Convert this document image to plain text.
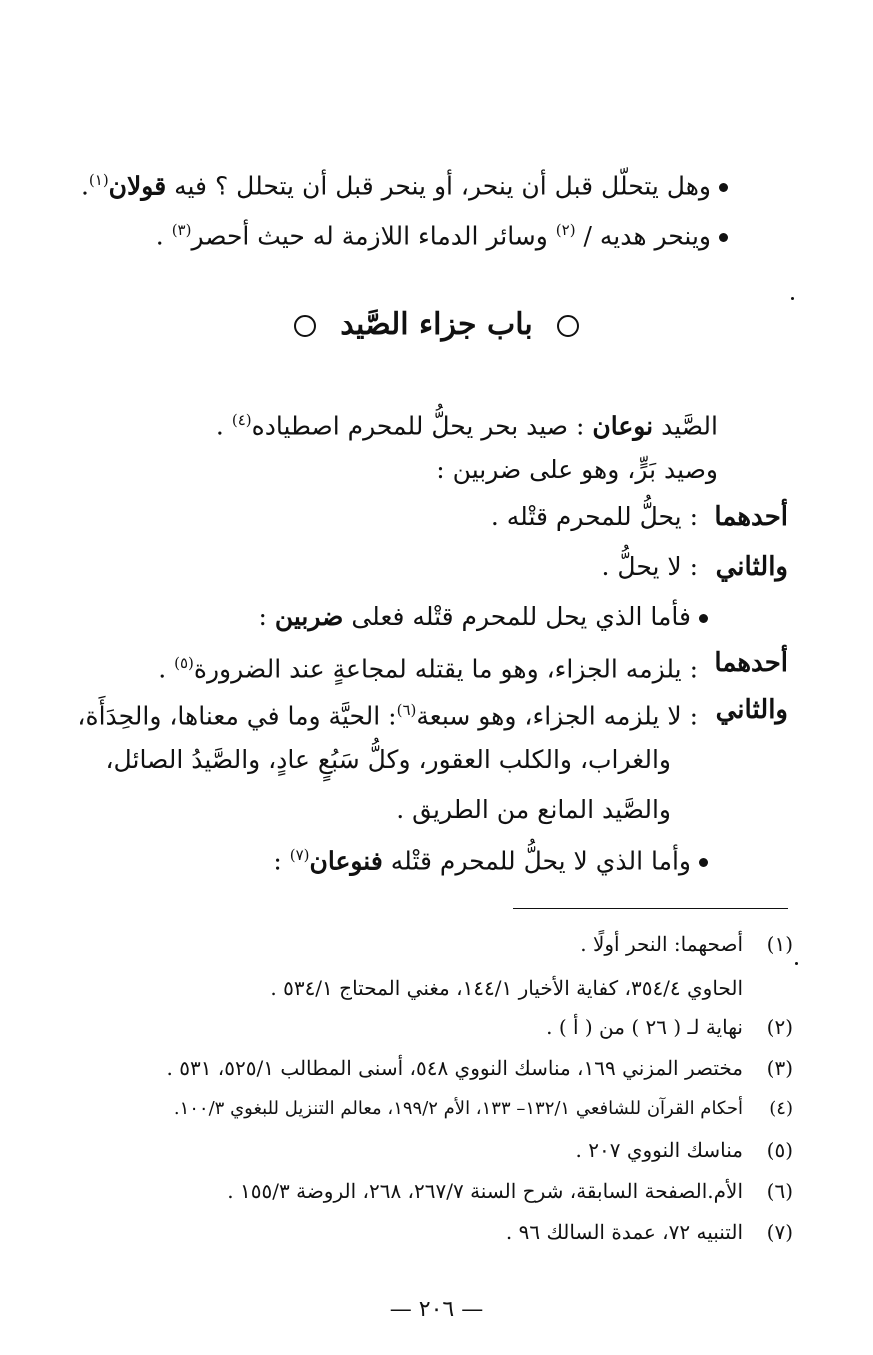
وهل يتحلّل قبل أن ينحر، أو ينحر قبل أن يتحلل ؟ فيه قولان$^{(١)}$.
وينحر هديه / $^{(٢)}$ وسائر الدماء اللازمة له حيث أحصر$^{(٣)}$ .
باب جزاء الصَّيد
الصَّيد نوعان : صيد بحر يحلُّ للمحرم اصطياده$^{(٤)}$ .
وصيد بَرٍّ، وهو على ضربين :
أحدهما
: يحلُّ للمحرم قتْله .
والثاني
: لا يحلُّ .
فأما الذي يحل للمحرم قتْله فعلى ضربين :
أحدهما
: يلزمه الجزاء، وهو ما يقتله لمجاعةٍ عند الضرورة$^{(٥)}$ .
والثاني
: لا يلزمه الجزاء، وهو سبعة$^{(٦)}$: الحيَّة وما في معناها، والحِدَأَة،
والغراب، والكلب العقور، وكلُّ سَبُعٍ عادٍ، والصَّيدُ الصائل،
والصَّيد المانع من الطريق .
وأما الذي لا يحلُّ للمحرم قتْله فنوعان$^{(٧)}$ :
(١)أصحهما: النحر أولًا .
الحاوي ٣٥٤/٤، كفاية الأخيار ١٤٤/١، مغني المحتاج ٥٣٤/١ .
(٢)نهاية لـ ( ٢٦ ) من ( أ ) .
(٣)مختصر المزني ١٦٩، مناسك النووي ٥٤٨، أسنى المطالب ٥٢٥/١، ٥٣١ .
(٤)أحكام القرآن للشافعي ١٣٢/١– ١٣٣، الأم ١٩٩/٢، معالم التنزيل للبغوي ١٠٠/٣.
(٥)مناسك النووي ٢٠٧ .
(٦)الأم.الصفحة السابقة، شرح السنة ٢٦٧/٧، ٢٦٨، الروضة ١٥٥/٣ .
(٧)التنبيه ٧٢، عمدة السالك ٩٦ .
— ٢٠٦ —
